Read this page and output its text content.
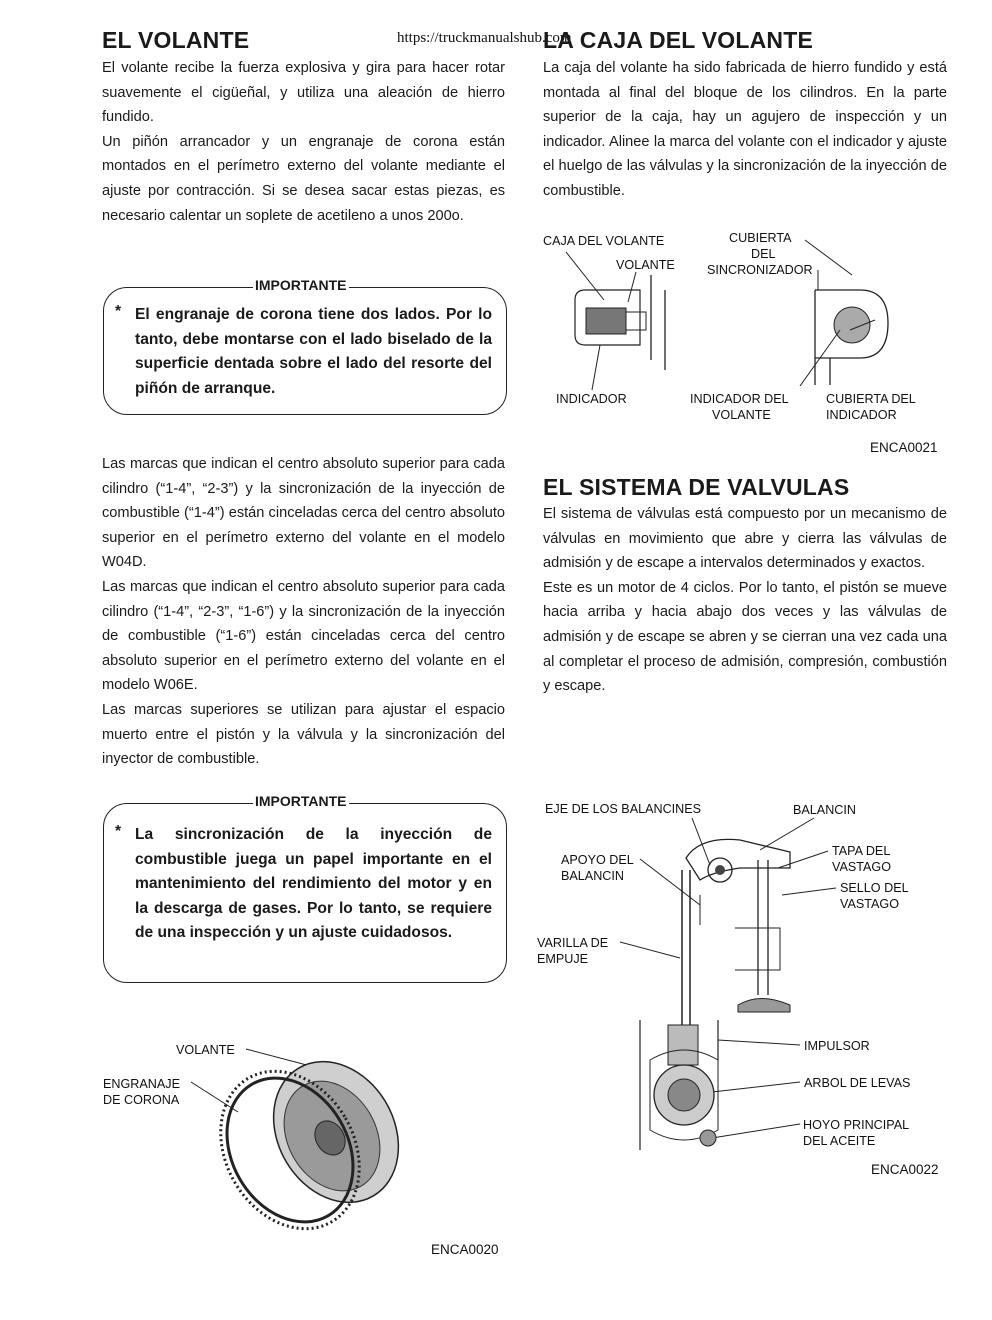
EL VOLANTE	https://truckmanualshub.com

El volante recibe la fuerza explosiva y gira para hacer rotar suavemente el cigüeñal, y utiliza una aleación de hierro fundido.

Un piñón arrancador y un engranaje de corona están montados en el perímetro externo del volante mediante el ajuste por contracción. Si se desea sacar estas piezas, es necesario calentar un soplete de acetileno a unos 200o.

IMPORTANTE
* El engranaje de corona tiene dos lados. Por lo tanto, debe montarse con el lado biselado de la superficie dentada sobre el lado del resorte del piñón de arranque.

Las marcas que indican el centro absoluto superior para cada cilindro (“1-4”, “2-3”) y la sincronización de la inyección de combustible (“1-4”) están cinceladas cerca del centro absoluto superior en el perímetro externo del volante en el modelo W04D.

Las marcas que indican el centro absoluto superior para cada cilindro (“1-4”, “2-3”, “1-6”) y la sincronización de la inyección de combustible (“1-6”) están cinceladas cerca del centro absoluto superior en el perímetro externo del volante en el modelo W06E.

Las marcas superiores se utilizan para ajustar el espacio muerto entre el pistón y la válvula y la sincronización del inyector de combustible.

IMPORTANTE
* La sincronización de la inyección de combustible juega un papel importante en el mantenimiento del rendimiento del motor y en la descarga de gases. Por lo tanto, se requiere de una inspección y un ajuste cuidadosos.
VOLANTE
ENGRANAJE
DE CORONA
ENCA0020
LA CAJA DEL VOLANTE

La caja del volante ha sido fabricada de hierro fundido y está montada al final del bloque de los cilindros. En la parte superior de la caja, hay un agujero de inspección y un indicador. Alinee la marca del volante con el indicador y ajuste el huelgo de las válvulas y la sincronización de la inyección de combustible.

CAJA DEL VOLANTE
VOLANTE
CUBIERTA
DEL
SINCRONIZADOR
INDICADOR	INDICADOR DEL
VOLANTE
CUBIERTA DEL
INDICADOR
ENCA0021
EL SISTEMA DE VALVULAS

El sistema de válvulas está compuesto por un mecanismo de válvulas en movimiento que abre y cierra las válvulas de admisión y de escape a intervalos determinados y exactos.

Este es un motor de 4 ciclos. Por lo tanto, el pistón se mueve hacia arriba y hacia abajo dos veces y las válvulas de admisión y de escape se abren y se cierran una vez cada una al completar el proceso de admisión, compresión, combustión y escape.

EJE DE LOS BALANCINES	BALANCIN
APOYO DEL
BALANCIN
TAPA DEL
VASTAGO
SELLO DEL
VASTAGO
VARILLA DE
EMPUJE
IMPULSOR
ARBOL DE LEVAS
HOYO PRINCIPAL
DEL ACEITE
ENCA0022
